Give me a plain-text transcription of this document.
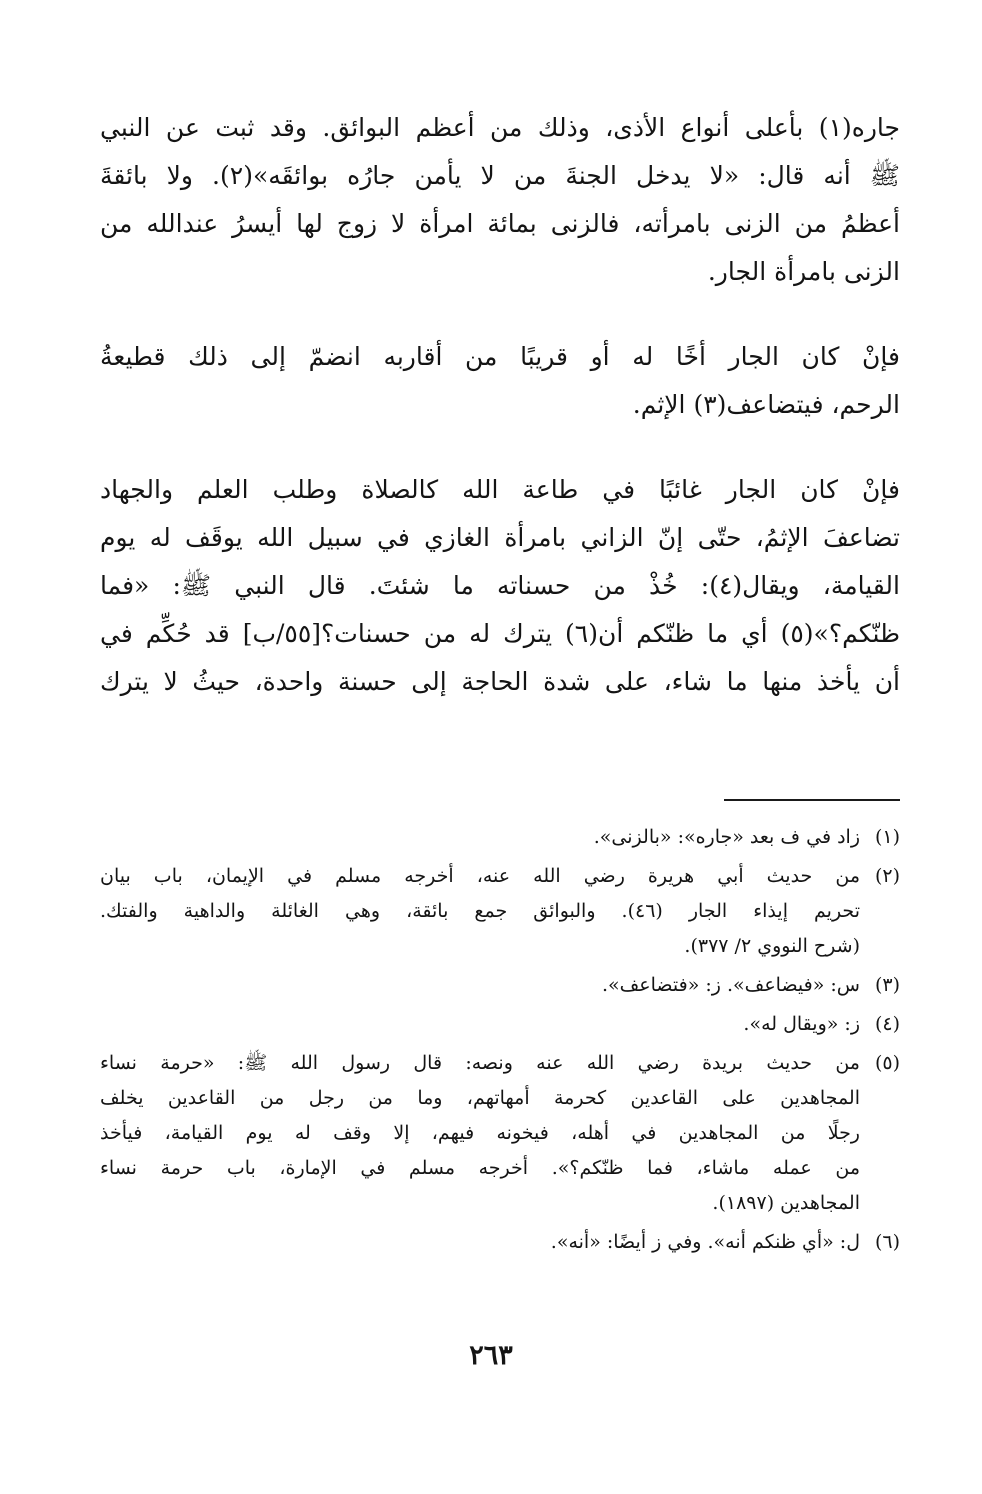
جاره(١) بأعلى أنواع الأذى، وذلك من أعظم البوائق. وقد ثبت عن النبي
ﷺ أنه قال: «لا يدخل الجنةَ من لا يأمن جارُه بوائقَه»(٢). ولا بائقةَ
أعظمُ من الزنى بامرأته، فالزنى بمائة امرأة لا زوج لها أيسرُ عندالله من
الزنى بامرأة الجار.

فإنْ كان الجار أخًا له أو قريبًا من أقاربه انضمّ إلى ذلك قطيعةُ
الرحم، فيتضاعف(٣) الإثم.

فإنْ كان الجار غائبًا في طاعة الله كالصلاة وطلب العلم والجهاد
تضاعفَ الإثمُ، حتّى إنّ الزاني بامرأة الغازي في سبيل الله يوقَف له يوم
القيامة، ويقال(٤): خُذْ من حسناته ما شئتَ. قال النبي ﷺ: «فما
ظنّكم؟»(٥) أي ما ظنّكم أن(٦) يترك له من حسنات؟[٥٥/ب] قد حُكِّم في
أن يأخذ منها ما شاء، على شدة الحاجة إلى حسنة واحدة، حيثُ لا يترك

(١)
زاد في ف بعد «جاره»: «بالزنى».
(٢)
من حديث أبي هريرة رضي الله عنه، أخرجه مسلم في الإيمان، باب بيان
تحريم إيذاء الجار (٤٦). والبوائق جمع بائقة، وهي الغائلة والداهية والفتك.
(شرح النووي ٢/ ٣٧٧).
(٣)
س: «فيضاعف». ز: «فتضاعف».
(٤)
ز: «ويقال له».
(٥)
من حديث بريدة رضي الله عنه ونصه: قال رسول الله ﷺ: «حرمة نساء
المجاهدين على القاعدين كحرمة أمهاتهم، وما من رجل من القاعدين يخلف
رجلًا من المجاهدين في أهله، فيخونه فيهم، إلا وقف له يوم القيامة، فيأخذ
من عمله ماشاء، فما ظنّكم؟». أخرجه مسلم في الإمارة، باب حرمة نساء
المجاهدين (١٨٩٧).
(٦)
ل: «أي ظنكم أنه». وفي ز أيضًا: «أنه».
٢٦٣
